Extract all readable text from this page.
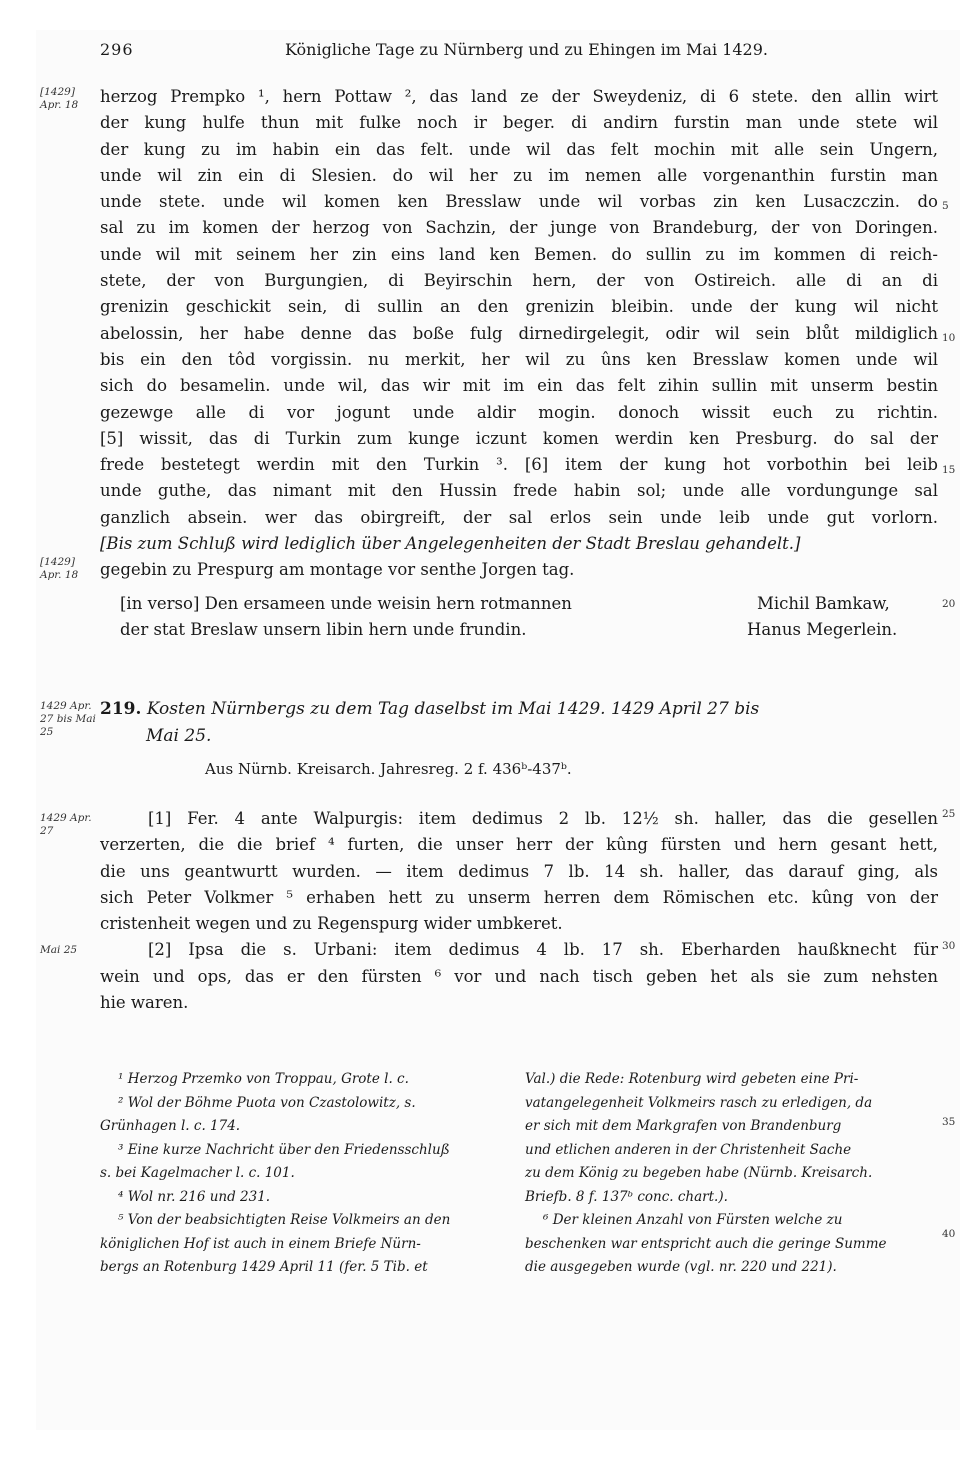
296	Königliche Tage zu Nürnberg und zu Ehingen im Mai 1429.
[1429] Apr. 18	herzog Prempko ¹, hern Pottaw ², das land ze der Sweydeniz, di 6 stete. den allin wirt
der kung hulfe thun mit fulke noch ir beger. di andirn furstin man unde stete wil
der kung zu im habin ein das felt. unde wil das felt mochin mit alle sein Ungern,
unde wil zin ein di Slesien. do wil her zu im nemen alle vorgenanthin furstin man
unde stete. unde wil komen ken Bresslaw unde wil vorbas zin ken Lusaczczin. do
sal zu im komen der herzog von Sachzin, der junge von Brandeburg, der von Doringen.
unde wil mit seinem her zin eins land ken Bemen. do sullin zu im kommen di reich-
stete, der von Burgungien, di Beyirschin hern, der von Ostireich. alle di an di
grenizin geschickit sein, di sullin an den grenizin bleibin. unde der kung wil nicht
abelossin, her habe denne das boße fulg dirnedirgelegit, odir wil sein blůt mildiglich
bis ein den tôd vorgissin. nu merkit, her wil zu ûns ken Bresslaw komen unde wil
sich do besamelin. unde wil, das wir mit im ein das felt zihin sullin mit unserm bestin
gezewge alle di vor jogunt unde aldir mogin. donoch wissit euch zu richtin.
[5] wissit, das di Turkin zum kunge iczunt komen werdin ken Presburg. do sal der
frede bestetegt werdin mit den Turkin ³. [6] item der kung hot vorbothin bei leib
unde guthe, das nimant mit den Hussin frede habin sol; unde alle vordungunge sal
ganzlich absein. wer das obirgreift, der sal erlos sein unde leib unde gut vorlorn.
[Bis zum Schluß wird lediglich über Angelegenheiten der Stadt Breslau gehandelt.]
gegebin zu Prespurg am montage vor senthe Jorgen tag.
[1429] Apr. 18
[in verso] Den ersameen unde weisin hern rotmannen	Michil Bamkaw,
der stat Breslaw unsern libin hern unde frundin.	Hanus Megerlein.
5
10
15
20
25
30
35
40
1429 Apr. 27 bis Mai 25
219. Kosten Nürnbergs zu dem Tag daselbst im Mai 1429. 1429 April 27 bis
Mai 25.
Aus Nürnb. Kreisarch. Jahresreg. 2 f. 436ᵇ-437ᵇ.
1429 Apr. 27
Mai 25
[1] Fer. 4 ante Walpurgis: item dedimus 2 lb. 12½ sh. haller, das die gesellen
verzerten, die die brief ⁴ furten, die unser herr der kûng fürsten und hern gesant hett,
die uns geantwurtt wurden. — item dedimus 7 lb. 14 sh. haller, das darauf ging, als
sich Peter Volkmer ⁵ erhaben hett zu unserm herren dem Römischen etc. kûng von der
cristenheit wegen und zu Regenspurg wider umbkeret.
[2] Ipsa die s. Urbani: item dedimus 4 lb. 17 sh. Eberharden haußknecht für
wein und ops, das er den fürsten ⁶ vor und nach tisch geben het als sie zum nehsten
hie waren.
¹ Herzog Przemko von Troppau, Grote l. c.
² Wol der Böhme Puota von Czastolowitz, s.
Grünhagen l. c. 174.
³ Eine kurze Nachricht über den Friedensschluß
s. bei Kagelmacher l. c. 101.
⁴ Wol nr. 216 und 231.
⁵ Von der beabsichtigten Reise Volkmeirs an den
königlichen Hof ist auch in einem Briefe Nürn-
bergs an Rotenburg 1429 April 11 (fer. 5 Tib. et
Val.) die Rede: Rotenburg wird gebeten eine Pri-
vatangelegenheit Volkmeirs rasch zu erledigen, da
er sich mit dem Markgrafen von Brandenburg
und etlichen anderen in der Christenheit Sache
zu dem König zu begeben habe (Nürnb. Kreisarch.
Briefb. 8 f. 137ᵇ conc. chart.).
⁶ Der kleinen Anzahl von Fürsten welche zu
beschenken war entspricht auch die geringe Summe
die ausgegeben wurde (vgl. nr. 220 und 221).
